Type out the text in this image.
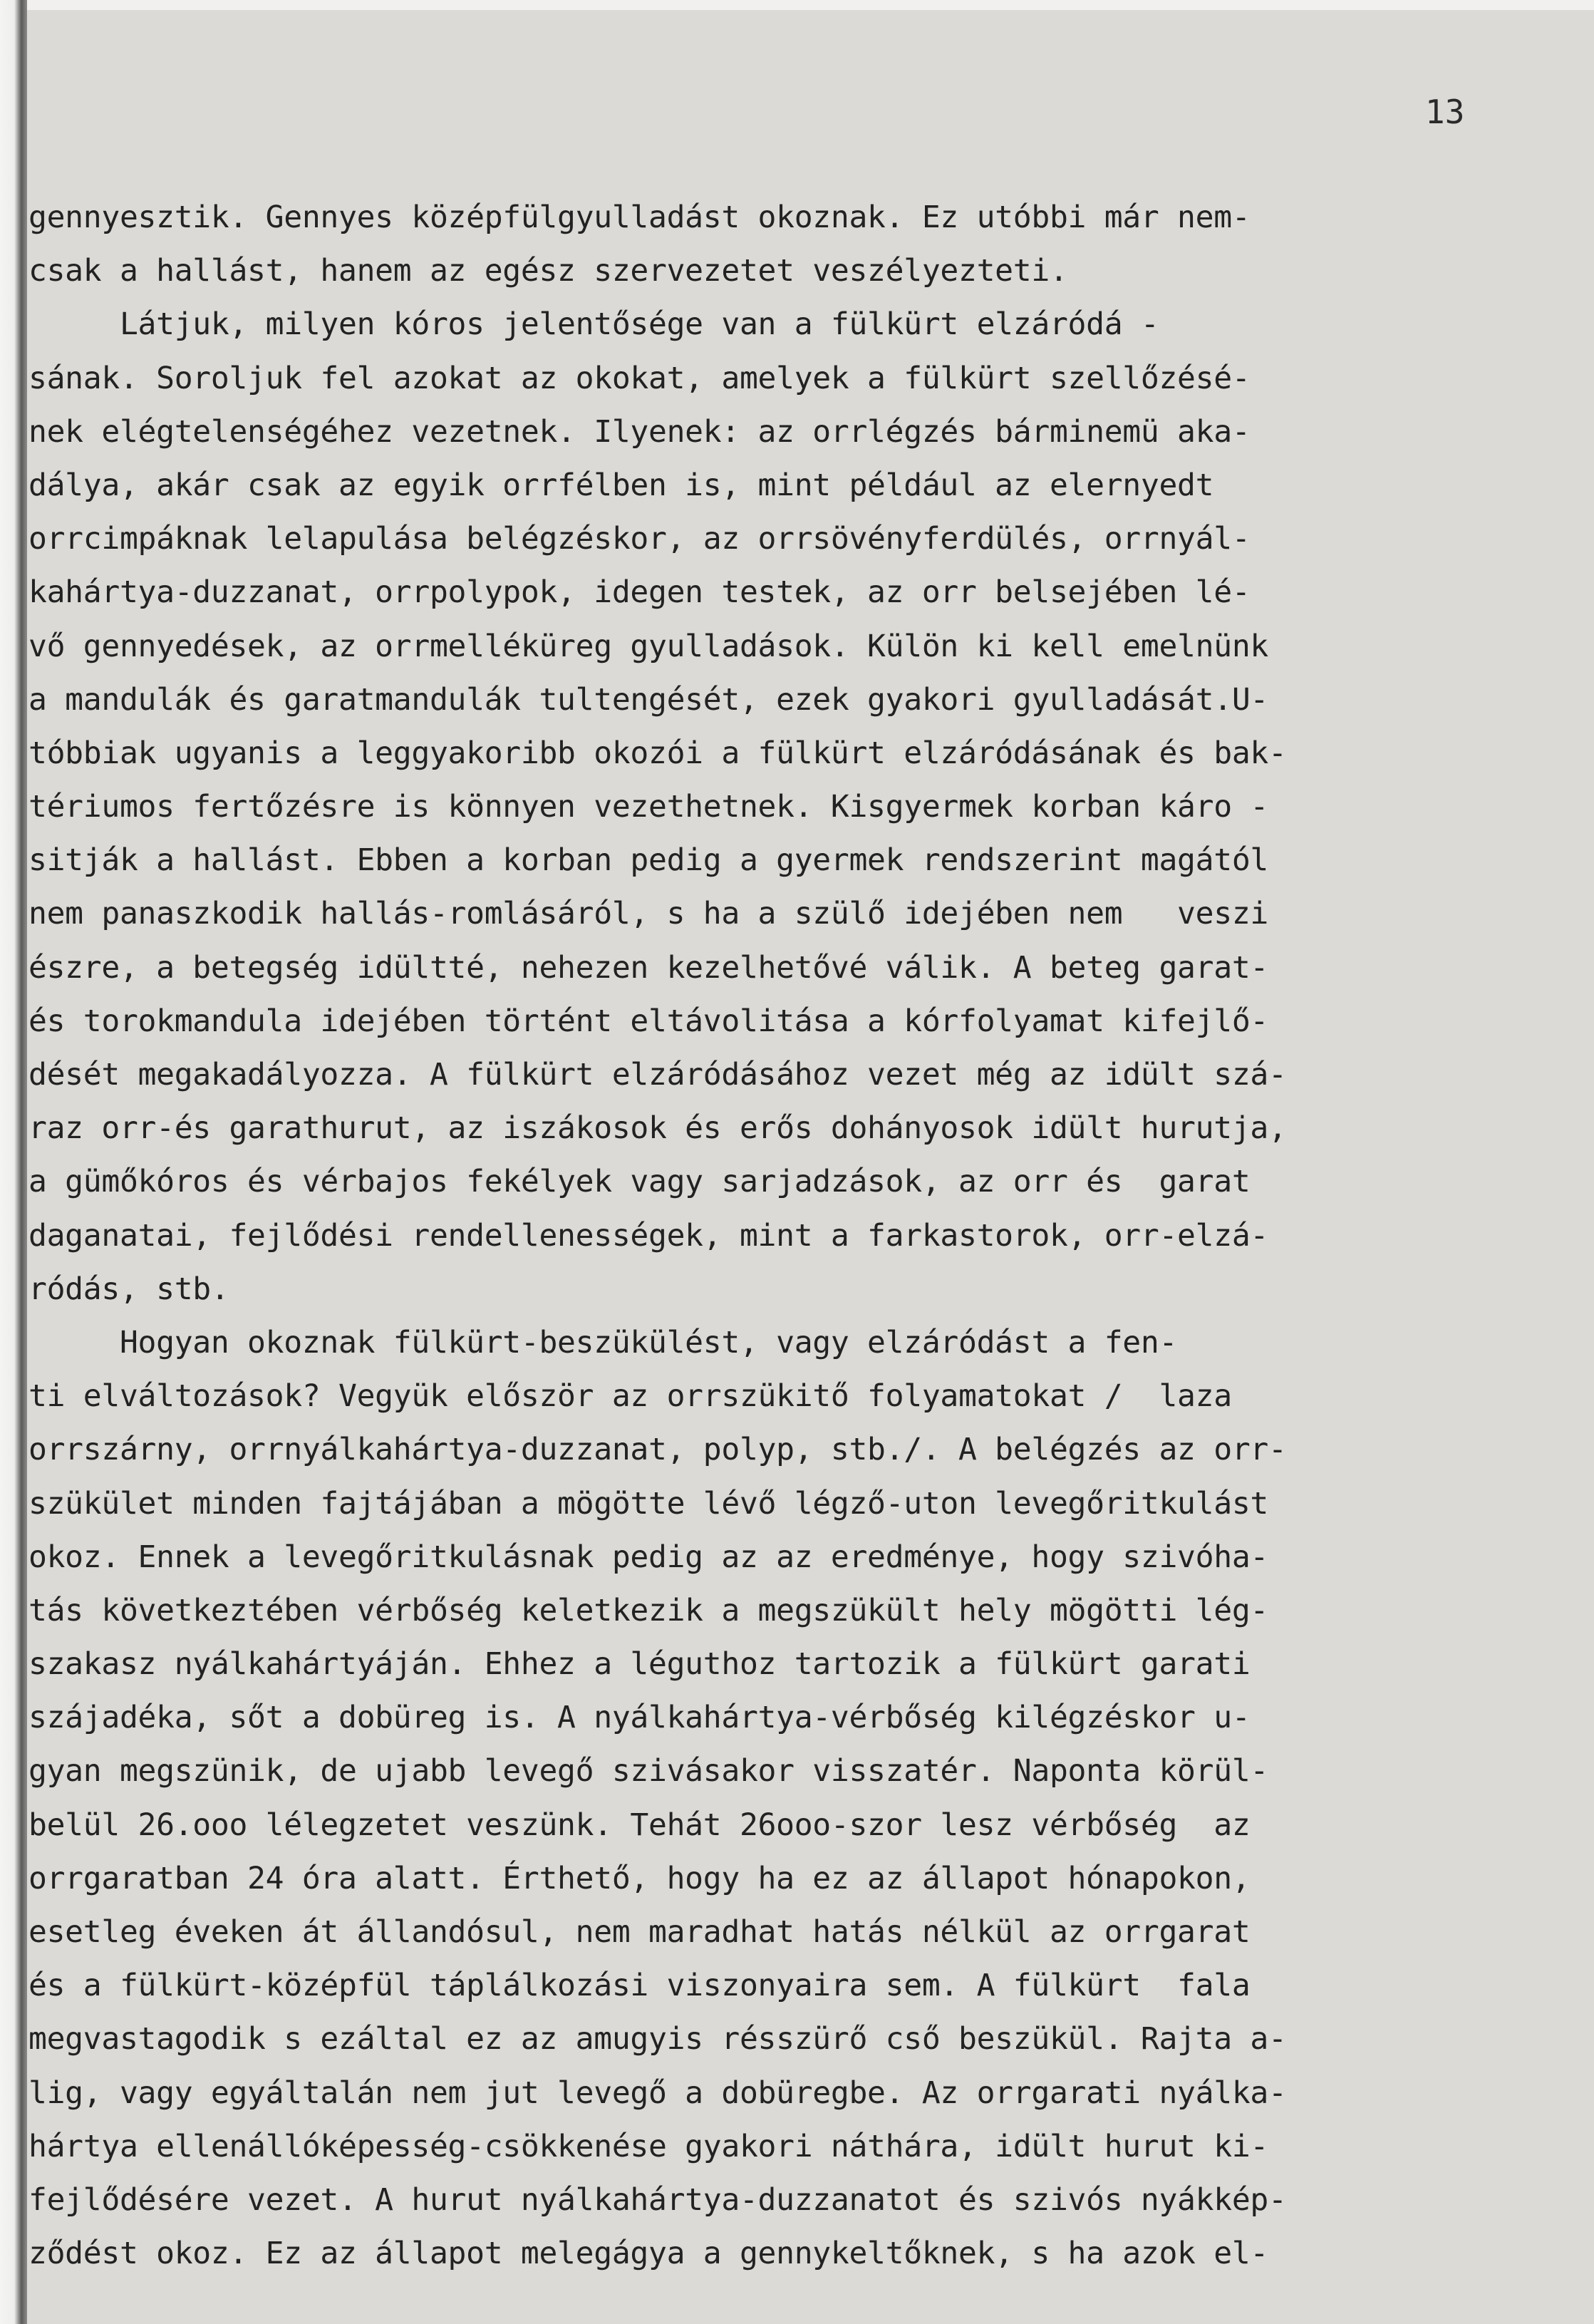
13
gennyesztik. Gennyes középfülgyulladást okoznak. Ez utóbbi már nem-
csak a hallást, hanem az egész szervezetet veszélyezteti.
Látjuk, milyen kóros jelentősége van a fülkürt elzáródá -
sának. Soroljuk fel azokat az okokat, amelyek a fülkürt szellőzésé-
nek elégtelenségéhez vezetnek. Ilyenek: az orrlégzés bárminemü aka-
dálya, akár csak az egyik orrfélben is, mint például az elernyedt
orrcimpáknak lelapulása belégzéskor, az orrsövényferdülés, orrnyál-
kahártya-duzzanat, orrpolypok, idegen testek, az orr belsejében lé-
vő gennyedések, az orrmelléküreg gyulladások. Külön ki kell emelnünk
a mandulák és garatmandulák tultengését, ezek gyakori gyulladását.U-
tóbbiak ugyanis a leggyakoribb okozói a fülkürt elzáródásának és bak-
tériumos fertőzésre is könnyen vezethetnek. Kisgyermek korban káro -
sitják a hallást. Ebben a korban pedig a gyermek rendszerint magától
nem panaszkodik hallás-romlásáról, s ha a szülő idejében nem   veszi
észre, a betegség idültté, nehezen kezelhetővé válik. A beteg garat-
és torokmandula idejében történt eltávolitása a kórfolyamat kifejlő-
dését megakadályozza. A fülkürt elzáródásához vezet még az idült szá-
raz orr-és garathurut, az iszákosok és erős dohányosok idült hurutja,
a gümőkóros és vérbajos fekélyek vagy sarjadzások, az orr és  garat
daganatai, fejlődési rendellenességek, mint a farkastorok, orr-elzá-
ródás, stb.
Hogyan okoznak fülkürt-beszükülést, vagy elzáródást a fen-
ti elváltozások? Vegyük először az orrszükitő folyamatokat /  laza
orrszárny, orrnyálkahártya-duzzanat, polyp, stb./. A belégzés az orr-
szükület minden fajtájában a mögötte lévő légző-uton levegőritkulást
okoz. Ennek a levegőritkulásnak pedig az az eredménye, hogy szivóha-
tás következtében vérbőség keletkezik a megszükült hely mögötti lég-
szakasz nyálkahártyáján. Ehhez a léguthoz tartozik a fülkürt garati
szájadéka, sőt a dobüreg is. A nyálkahártya-vérbőség kilégzéskor u-
gyan megszünik, de ujabb levegő szivásakor visszatér. Naponta körül-
belül 26.ooo lélegzetet veszünk. Tehát 26ooo-szor lesz vérbőség  az
orrgaratban 24 óra alatt. Érthető, hogy ha ez az állapot hónapokon,
esetleg éveken át állandósul, nem maradhat hatás nélkül az orrgarat
és a fülkürt-középfül táplálkozási viszonyaira sem. A fülkürt  fala
megvastagodik s ezáltal ez az amugyis résszürő cső beszükül. Rajta a-
lig, vagy egyáltalán nem jut levegő a dobüregbe. Az orrgarati nyálka-
hártya ellenállóképesség-csökkenése gyakori náthára, idült hurut ki-
fejlődésére vezet. A hurut nyálkahártya-duzzanatot és szivós nyákkép-
ződést okoz. Ez az állapot melegágya a gennykeltőknek, s ha azok el-
